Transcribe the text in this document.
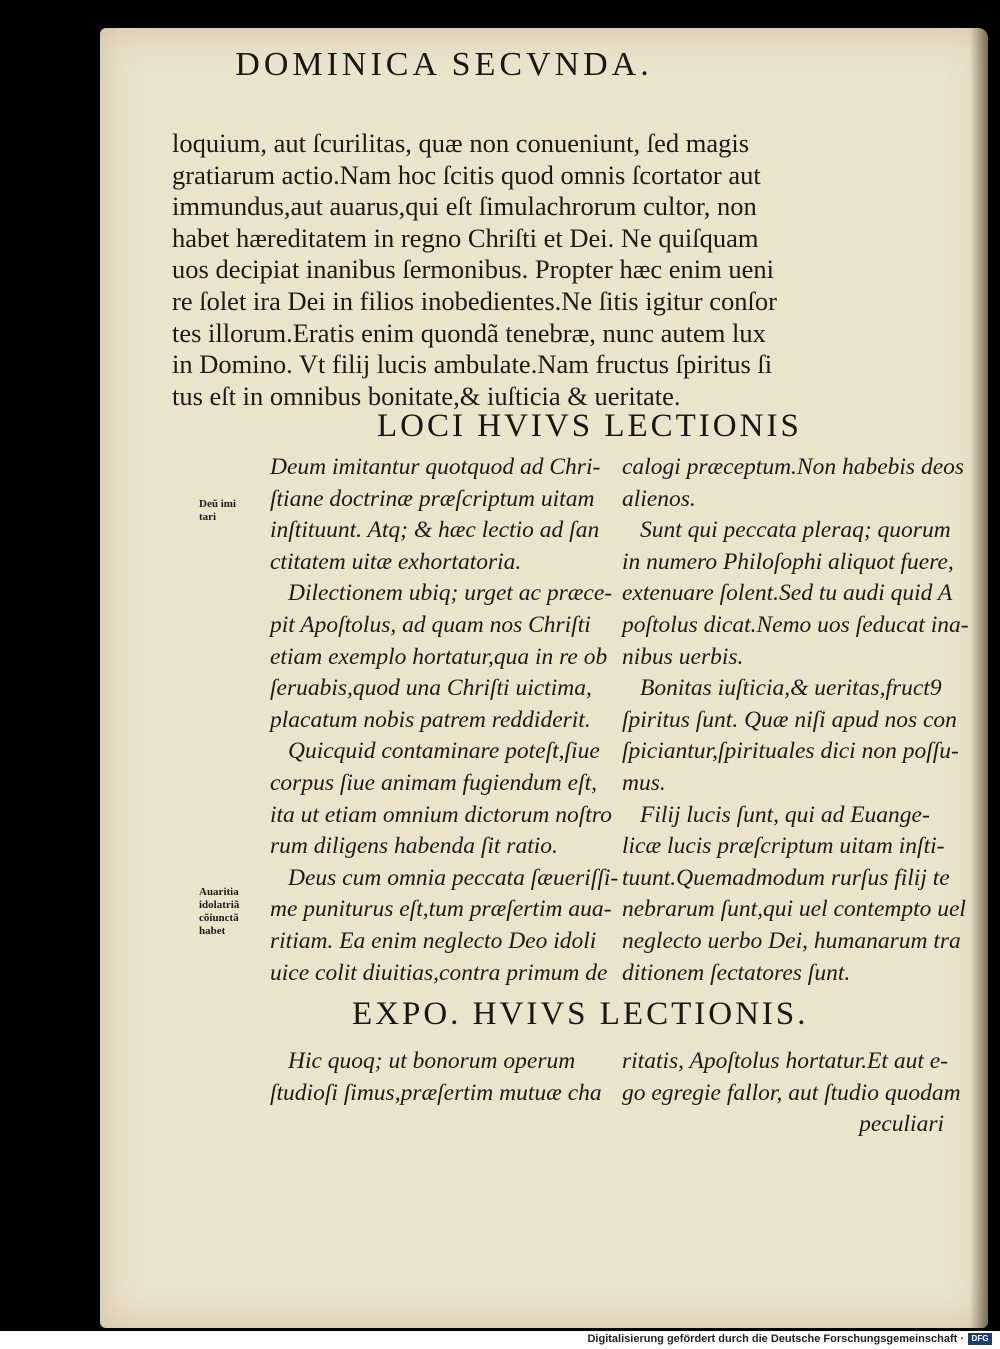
DOMINICA SECVNDA.
loquium, aut ſcurilitas, quæ non conueniunt, ſed magis
gratiarum actio.Nam hoc ſcitis quod omnis ſcortator aut
immundus,aut auarus,qui eſt ſimulachrorum cultor, non
habet hæreditatem in regno Chriſti et Dei. Ne quiſquam
uos decipiat inanibus ſermonibus. Propter hæc enim ueni
re ſolet ira Dei in filios inobedientes.Ne ſitis igitur conſor
tes illorum.Eratis enim quondã tenebræ, nunc autem lux
in Domino. Vt filij lucis ambulate.Nam fructus ſpiritus ſi
tus eſt in omnibus bonitate,& iuſticia & ueritate.
LOCI HVIVS LECTIONIS
Deũ imi
tari
Auaritia
idolatriã
cõiunctã
habet
Deum imitantur quotquod ad Chri-
ſtiane doctrinæ præſcriptum uitam
inſtituunt. Atq; & hæc lectio ad ſan
ctitatem uitæ exhortatoria.
Dilectionem ubiq; urget ac præce-
pit Apoſtolus, ad quam nos Chriſti
etiam exemplo hortatur,qua in re ob
ſeruabis,quod una Chriſti uictima,
placatum nobis patrem reddiderit.
Quicquid contaminare poteſt,ſiue
corpus ſiue animam fugiendum eſt,
ita ut etiam omnium dictorum noſtro
rum diligens habenda ſit ratio.
Deus cum omnia peccata ſæueriſſi-
me puniturus eſt,tum præſertim aua-
ritiam. Ea enim neglecto Deo idoli
uice colit diuitias,contra primum de
calogi præceptum.Non habebis deos
alienos.
Sunt qui peccata pleraq; quorum
in numero Philoſophi aliquot fuere,
extenuare ſolent.Sed tu audi quid A
poſtolus dicat.Nemo uos ſeducat ina-
nibus uerbis.
Bonitas iuſticia,& ueritas,fruct9
ſpiritus ſunt. Quæ niſi apud nos con
ſpiciantur,ſpirituales dici non poſſu-
mus.
Filij lucis ſunt, qui ad Euange-
licæ lucis præſcriptum uitam inſti-
tuunt.Quemadmodum rurſus filij te
nebrarum ſunt,qui uel contempto uel
neglecto uerbo Dei, humanarum tra
ditionem ſectatores ſunt.
EXPO. HVIVS LECTIONIS.
Hic quoq; ut bonorum operum
ſtudioſi ſimus,præſertim mutuæ cha
ritatis, Apoſtolus hortatur.Et aut e-
go egregie fallor, aut ſtudio quodam
peculiari
Digitalisierung gefördert durch die Deutsche Forschungsgemeinschaft · DFG
